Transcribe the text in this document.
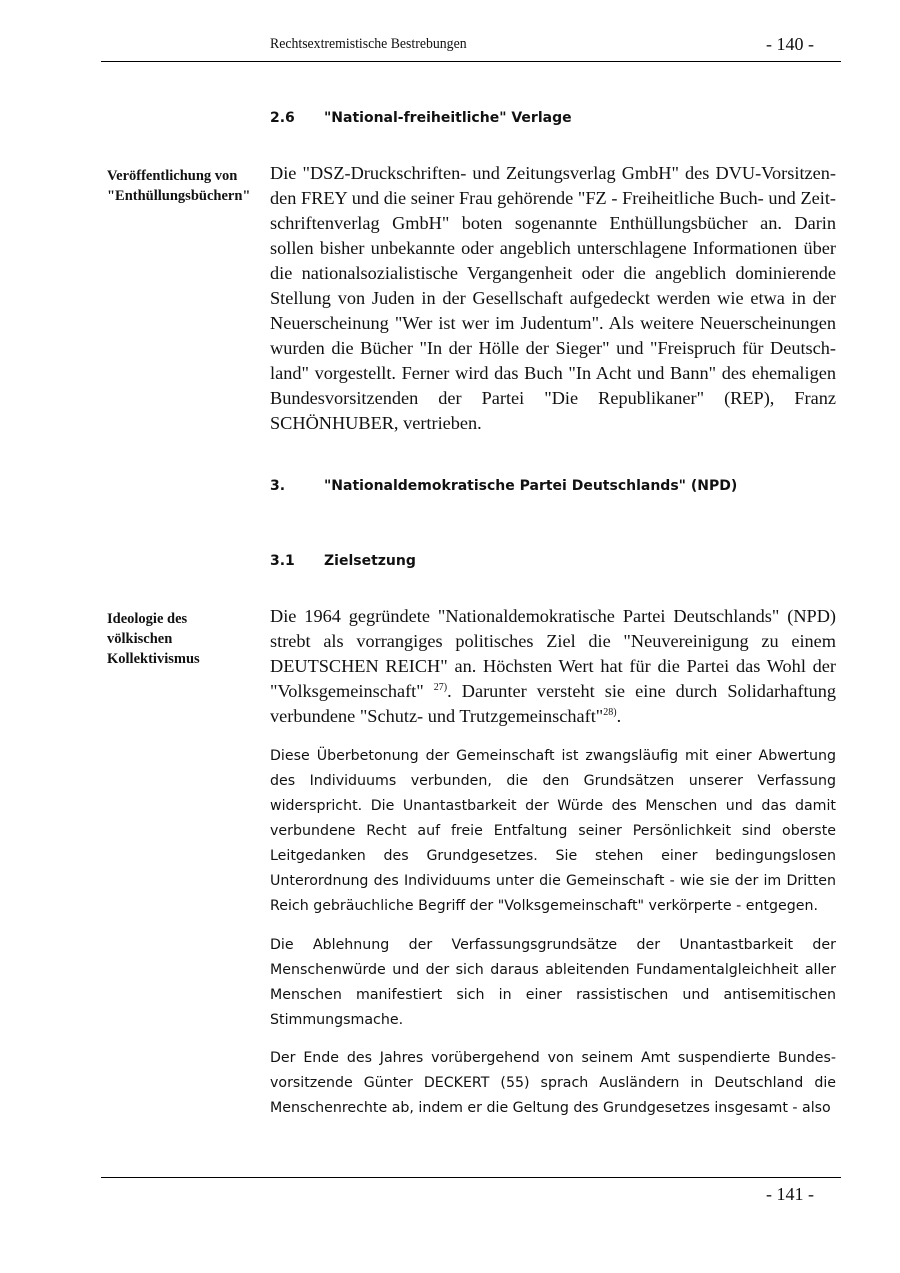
Rechtsextremistische Bestrebungen	- 140 -
2.6 "National-freiheitliche" Verlage
Veröffentlichung von "Enthüllungsbüchern"

Die "DSZ-Druckschriften- und Zeitungsverlag GmbH" des DVU-Vorsitzen-den FREY und die seiner Frau gehörende "FZ - Freiheitliche Buch- und Zeit-schriftenverlag GmbH" boten sogenannte Enthüllungsbücher an. Darin sollen bisher unbekannte oder angeblich unterschlagene Informationen über die nationalsozialistische Vergangenheit oder die angeblich dominierende Stellung von Juden in der Gesellschaft aufgedeckt werden wie etwa in der Neuerscheinung "Wer ist wer im Judentum". Als weitere Neuerscheinungen wurden die Bücher "In der Hölle der Sieger" und "Freispruch für Deutsch-land" vorgestellt. Ferner wird das Buch "In Acht und Bann" des ehemaligen Bundesvorsitzenden der Partei "Die Republikaner" (REP), Franz SCHÖNHUBER, vertrieben.

3.	"Nationaldemokratische Partei Deutschlands" (NPD)
3.1 Zielsetzung
Ideologie des völkischen Kollektivismus

Die 1964 gegründete "Nationaldemokratische Partei Deutschlands" (NPD) strebt als vorrangiges politisches Ziel die "Neuvereinigung zu einem DEUTSCHEN REICH" an. Höchsten Wert hat für die Partei das Wohl der "Volksgemeinschaft" $^{27)}$. Darunter versteht sie eine durch Solidarhaftung verbundene "Schutz- und Trutzgemeinschaft"$^{28)}$.

Diese Überbetonung der Gemeinschaft ist zwangsläufig mit einer Abwertung des Individuums verbunden, die den Grundsätzen unserer Verfassung widerspricht. Die Unantastbarkeit der Würde des Menschen und das damit verbundene Recht auf freie Entfaltung seiner Persönlichkeit sind oberste Leitgedanken des Grundgesetzes. Sie stehen einer bedingungslosen Unterordnung des Individuums unter die Gemeinschaft - wie sie der im Dritten Reich gebräuchliche Begriff der "Volksgemeinschaft" verkörperte - entgegen.

Die Ablehnung der Verfassungsgrundsätze der Unantastbarkeit der Menschenwürde und der sich daraus ableitenden Fundamentalgleichheit aller Menschen manifestiert sich in einer rassistischen und antisemitischen Stimmungsmache.

Der Ende des Jahres vorübergehend von seinem Amt suspendierte Bundes-vorsitzende Günter DECKERT (55) sprach Ausländern in Deutschland die Menschenrechte ab, indem er die Geltung des Grundgesetzes insgesamt - also

- 141 -
